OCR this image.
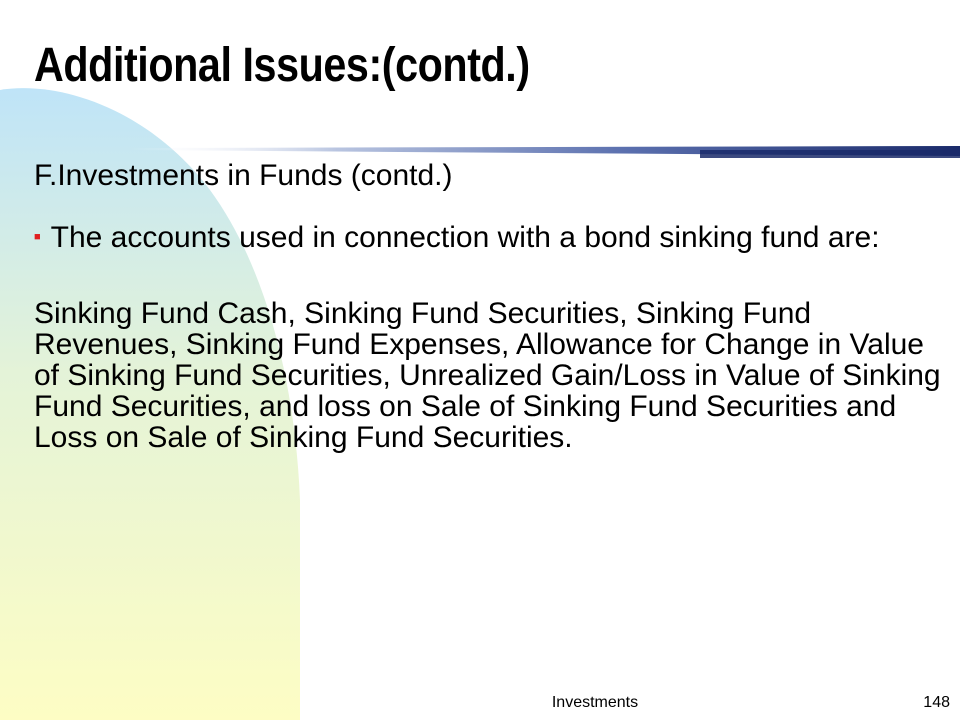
Additional Issues:(contd.)

F.Investments in Funds (contd.)

■ The accounts used in connection with a bond sinking fund are:

Sinking Fund Cash, Sinking Fund Securities, Sinking Fund Revenues, Sinking Fund Expenses, Allowance for Change in Value of Sinking Fund Securities, Unrealized Gain/Loss in Value of Sinking Fund Securities, and loss on Sale of Sinking Fund Securities and Loss on Sale of Sinking Fund Securities.

Investments	148
